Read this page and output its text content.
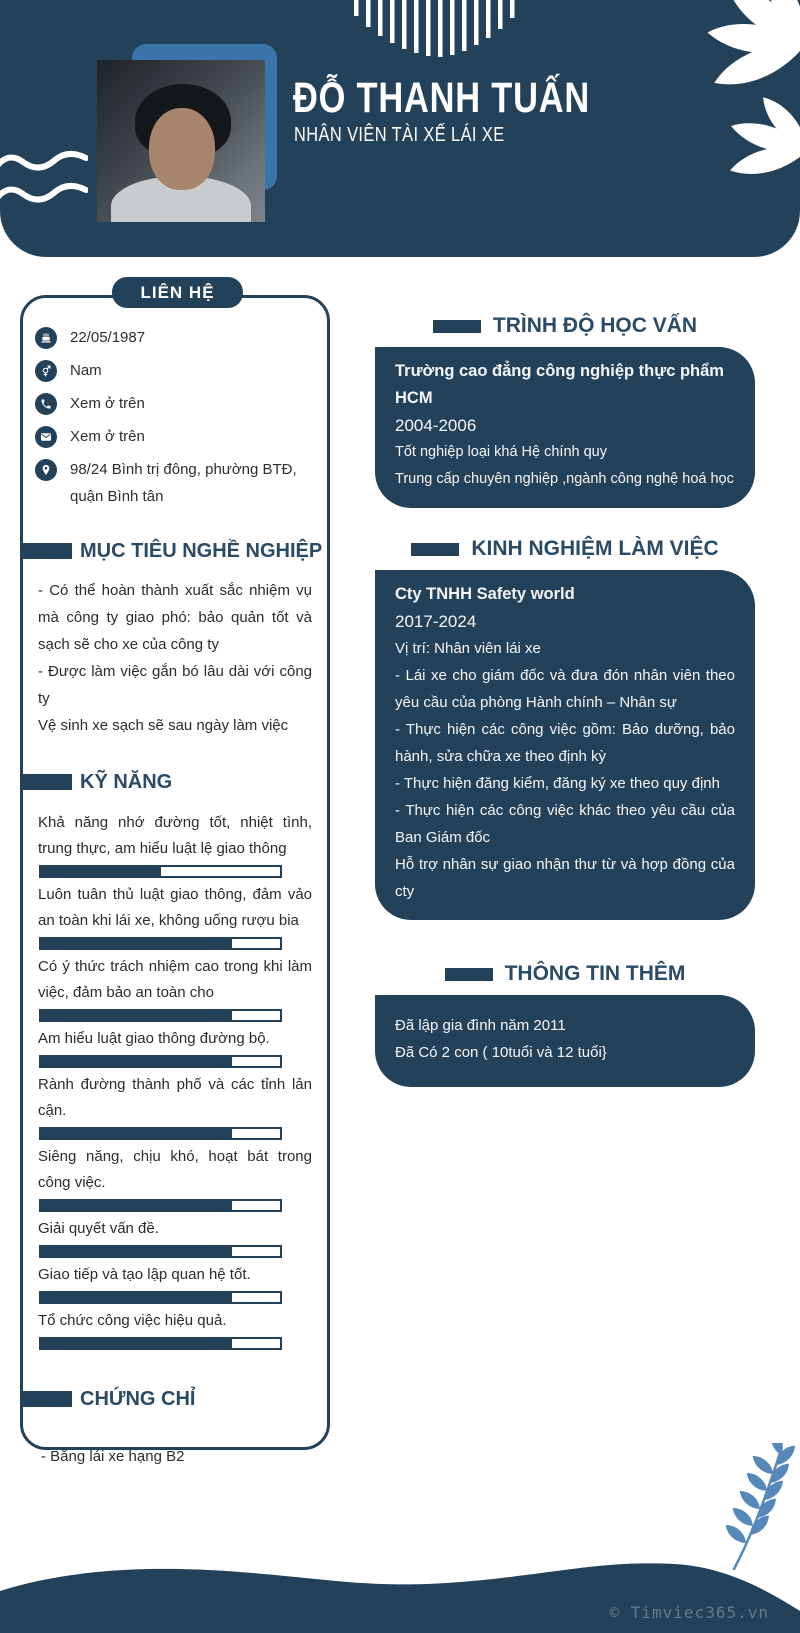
ĐỖ THANH TUẤN
NHÂN VIÊN TÀI XẾ LÁI XE
LIÊN HỆ
22/05/1987
Nam
Xem ở trên
Xem ở trên
98/24 Bình trị đông, phường BTĐ, quận Bình tân
MỤC TIÊU NGHỀ NGHIỆP

- Có thể hoàn thành xuất sắc nhiệm vụ mà công ty giao phó: bảo quản tốt và sạch sẽ cho xe của công ty

- Được làm việc gắn bó lâu dài với công ty

Vệ sinh xe sạch sẽ sau ngày làm việc

KỸ NĂNG
Khả năng nhớ đường tốt, nhiệt tình, trung thực, am hiểu luật lệ giao thông
Luôn tuân thủ luật giao thông, đảm vảo an toàn khi lái xe, không uống rượu bia
Có ý thức trách nhiệm cao trong khi làm việc, đảm bảo an toàn cho
Am hiểu luật giao thông đường bộ.
Rành đường thành phố và các tỉnh lản cận.
Siêng năng, chịu khó, hoạt bát trong công việc.
Giải quyết vấn đề.
Giao tiếp và tạo lập quan hệ tốt.
Tổ chức công việc hiệu quả.
CHỨNG CHỈ

- Bằng lái xe hạng B2

TRÌNH ĐỘ HỌC VẤN
Trường cao đẳng công nghiệp thực phẩm HCM
2004-2006

Tốt nghiệp loại khá Hệ chính quy

Trung cấp chuyên nghiệp ,ngành công nghệ hoá học

KINH NGHIỆM LÀM VIỆC
Cty TNHH Safety world
2017-2024

Vị trí: Nhân viên lái xe

- Lái xe cho giám đốc và đưa đón nhân viên theo yêu cầu của phòng Hành chính – Nhân sự

- Thực hiện các công việc gồm: Bảo dưỡng, bảo hành, sửa chữa xe theo định kỳ

- Thực hiện đăng kiểm, đăng ký xe theo quy định

- Thực hiện các công việc khác theo yêu cầu của Ban Giám đốc

Hỗ trợ nhân sự giao nhận thư từ và hợp đồng của cty

THÔNG TIN THÊM

Đã lập gia đình năm 2011

Đã Có 2 con ( 10tuổi và 12 tuổi}

© Timviec365.vn
